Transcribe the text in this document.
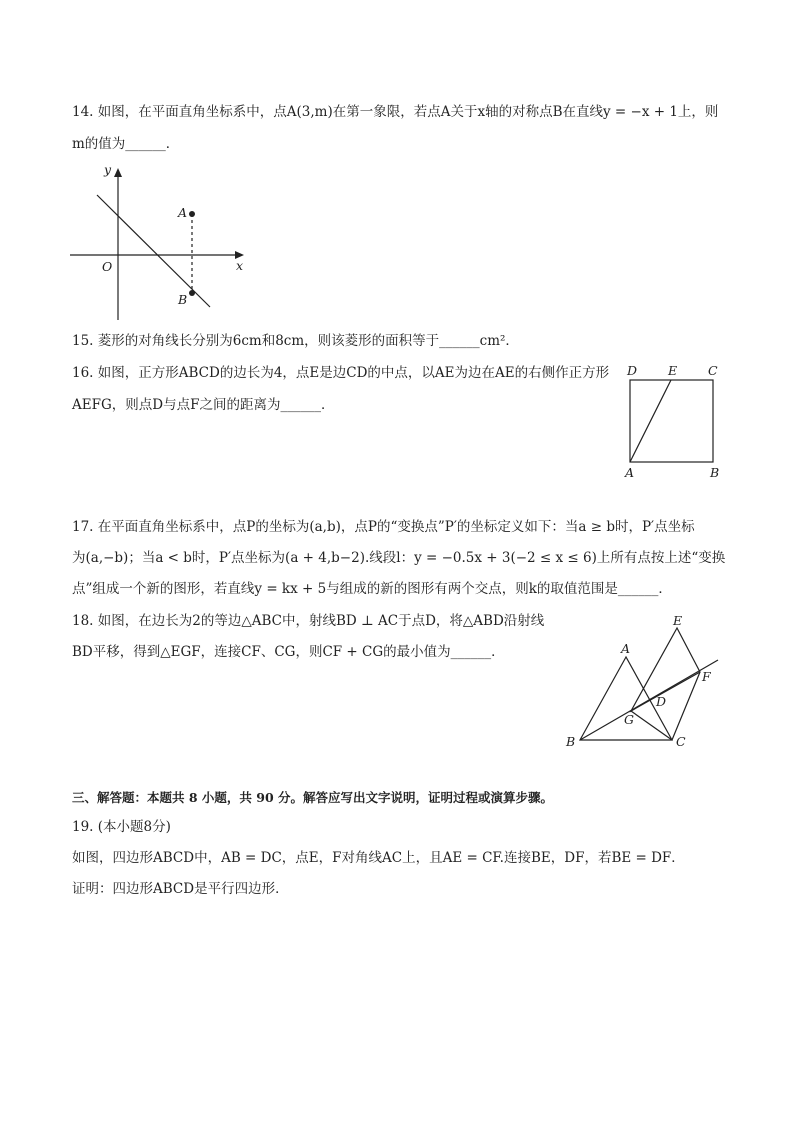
14. 如图，在平面直角坐标系中，点A(3,m)在第一象限，若点A关于x轴的对称点B在直线y = −x + 1上，则
m的值为______．
y
x
O
A
B
15. 菱形的对角线长分别为6cm和8cm，则该菱形的面积等于______cm²．
16. 如图，正方形ABCD的边长为4，点E是边CD的中点，以AE为边在AE的右侧作正方形
AEFG，则点D与点F之间的距离为______．
D E C
A	B
17. 在平面直角坐标系中，点P的坐标为(a,b)，点P的“变换点”P′的坐标定义如下：当a ≥ b时，P′点坐标
为(a,−b)；当a < b时，P′点坐标为(a + 4,b−2).线段l：y = −0.5x + 3(−2 ≤ x ≤ 6)上所有点按上述“变换
点”组成一个新的图形，若直线y = kx + 5与组成的新的图形有两个交点，则k的取值范围是______．
18. 如图，在边长为2的等边△ABC中，射线BD ⊥ AC于点D，将△ABD沿射线
BD平移，得到△EGF，连接CF、CG，则CF + CG的最小值为______．
E
A
F
D
G
B	C
三、解答题：本题共 8 小题，共 90 分。解答应写出文字说明，证明过程或演算步骤。
19. (本小题8分)
如图，四边形ABCD中，AB = DC，点E，F对角线AC上，且AE = CF.连接BE，DF，若BE = DF．
证明：四边形ABCD是平行四边形．
